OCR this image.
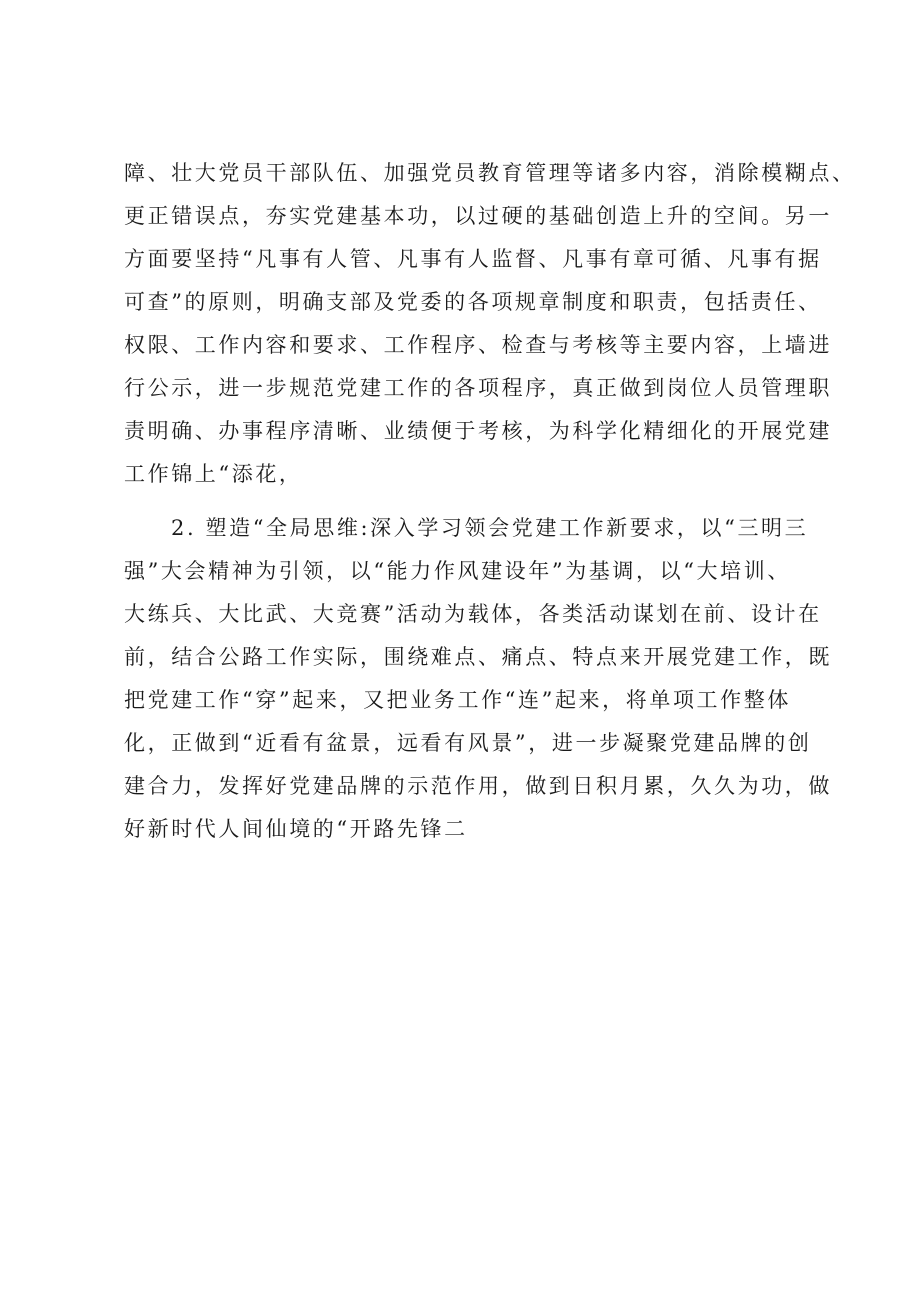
障、壮大党员干部队伍、加强党员教育管理等诸多内容，消除模糊点、
更正错误点，夯实党建基本功，以过硬的基础创造上升的空间。另一
方面要坚持“凡事有人管、凡事有人监督、凡事有章可循、凡事有据
可查”的原则，明确支部及党委的各项规章制度和职责，包括责任、
权限、工作内容和要求、工作程序、检查与考核等主要内容，上墙进
行公示，进一步规范党建工作的各项程序，真正做到岗位人员管理职
责明确、办事程序清晰、业绩便于考核，为科学化精细化的开展党建
工作锦上“添花，
2. 塑造“全局思维:深入学习领会党建工作新要求，以“三明三
强”大会精神为引领，以“能力作风建设年”为基调，以“大培训、
大练兵、大比武、大竞赛”活动为载体，各类活动谋划在前、设计在
前，结合公路工作实际，围绕难点、痛点、特点来开展党建工作，既
把党建工作“穿”起来，又把业务工作“连”起来，将单项工作整体
化，正做到“近看有盆景，远看有风景”，进一步凝聚党建品牌的创
建合力，发挥好党建品牌的示范作用，做到日积月累，久久为功，做
好新时代人间仙境的“开路先锋二
